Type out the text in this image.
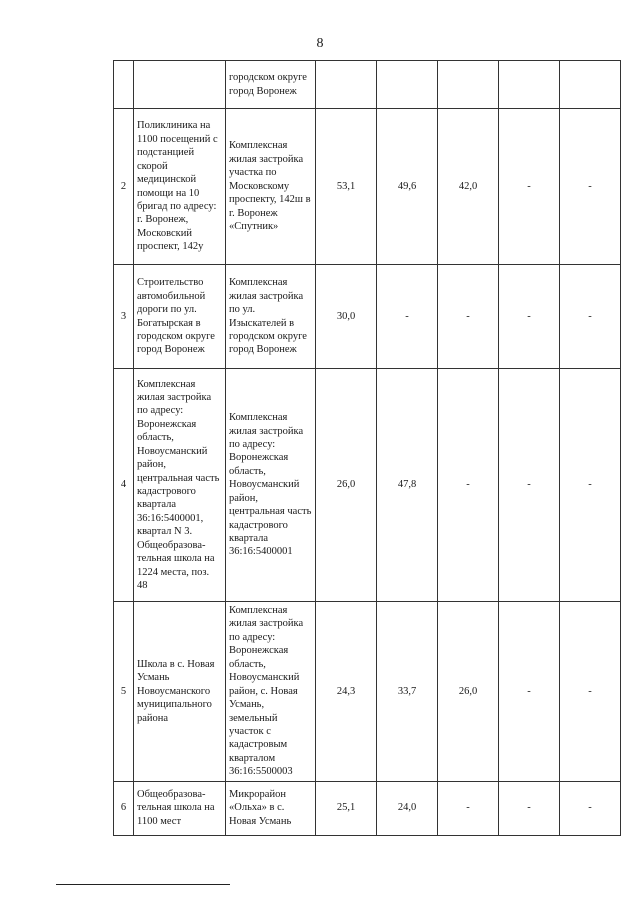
8
		городском округе город Воронеж					
2	Поликлиника на 1100 посещений с подстанцией скорой медицинской помощи на 10 бригад по адресу: г. Воронеж, Московский проспект, 142у	Комплексная жилая застройка участка по Московскому проспекту, 142ш в г. Воронеж «Спутник»	53,1	49,6	42,0	-	-
3	Строительство автомобильной дороги по ул. Богатырская в городском округе город Воронеж	Комплексная жилая застройка по ул. Изыскателей в городском округе город Воронеж	30,0	-	-	-	-
4	Комплексная жилая застройка по адресу: Воронежская область, Новоусманский район, центральная часть кадастрового квартала 36:16:5400001, квартал N 3. Общеобразова-тельная школа на 1224 места, поз. 48	Комплексная жилая застройка по адресу: Воронежская область, Новоусманский район, центральная часть кадастрового квартала 36:16:5400001	26,0	47,8	-	-	-
5	Школа в с. Новая Усмань Новоусманского муниципального района	Комплексная жилая застройка по адресу: Воронежская область, Новоусманский район, с. Новая Усмань, земельный участок с кадастровым кварталом 36:16:5500003	24,3	33,7	26,0	-	-
6	Общеобразова-тельная школа на 1100 мест	Микрорайон «Ольха» в с. Новая Усмань	25,1	24,0	-	-	-
